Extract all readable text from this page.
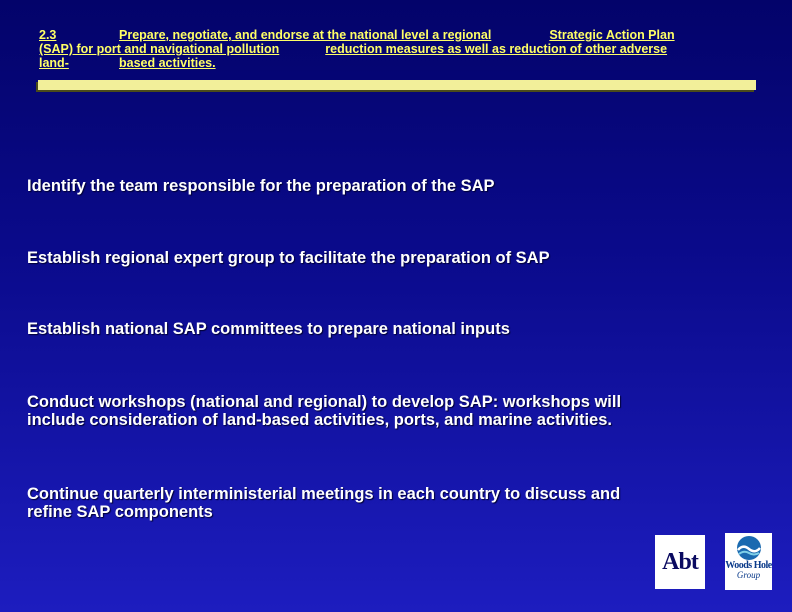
2.3	Prepare, negotiate, and endorse at the national level a regional	Strategic Action Plan
(SAP) for port and navigational pollution	reduction measures as well as reduction of other adverse
land-	based activities.
Identify the team responsible for the preparation of the SAP
Establish regional expert group to facilitate the preparation of SAP
Establish national SAP committees to prepare national inputs
Conduct workshops (national and regional) to develop SAP: workshops will
include consideration of land-based activities, ports, and marine activities.
Continue quarterly interministerial meetings in each country to discuss and
refine SAP components
Abt	Woods Hole
Group
